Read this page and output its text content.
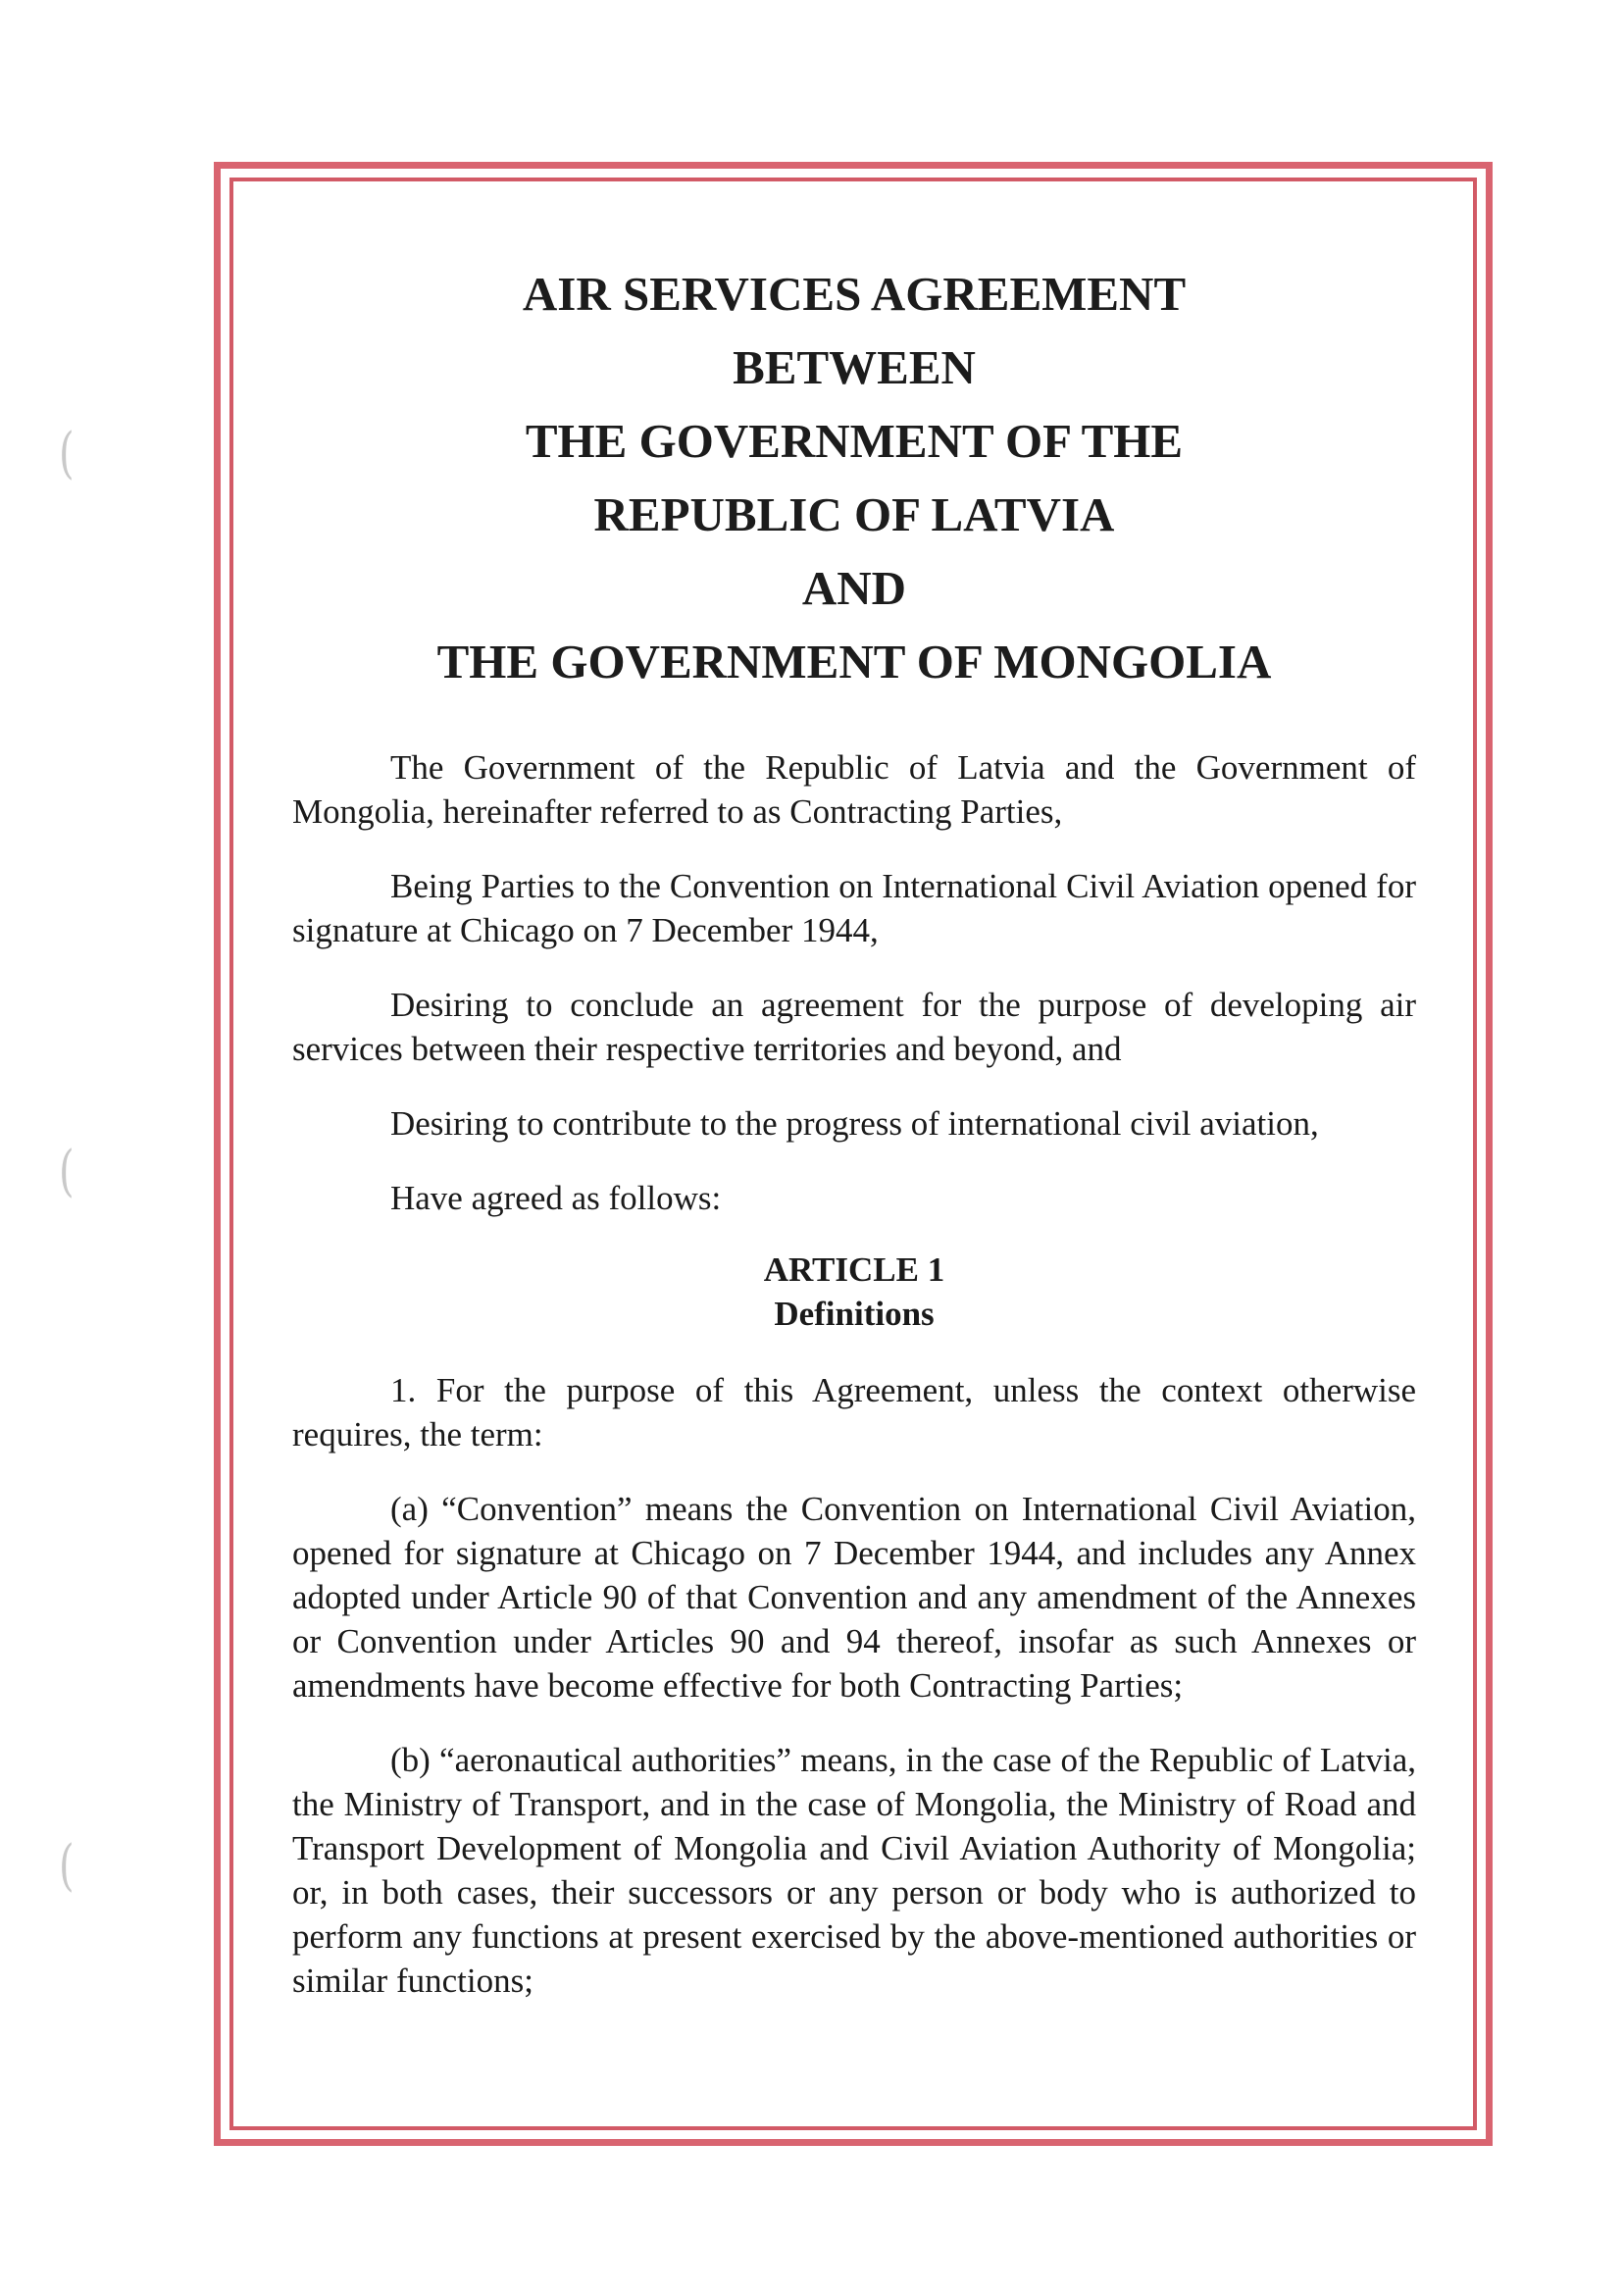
(
(
(
AIR SERVICES AGREEMENT
BETWEEN
THE GOVERNMENT OF THE
REPUBLIC OF LATVIA
AND
THE GOVERNMENT OF MONGOLIA

The Government of the Republic of Latvia and the Government of Mongolia, hereinafter referred to as Contracting Parties,

Being Parties to the Convention on International Civil Aviation opened for signature at Chicago on 7 December 1944,

Desiring to conclude an agreement for the purpose of developing air services between their respective territories and beyond, and

Desiring to contribute to the progress of international civil aviation,

Have agreed as follows:

ARTICLE 1
Definitions

1. For the purpose of this Agreement, unless the context otherwise requires, the term:

(a) “Convention” means the Convention on International Civil Aviation, opened for signature at Chicago on 7 December 1944, and includes any Annex adopted under Article 90 of that Convention and any amendment of the Annexes or Convention under Articles 90 and 94 thereof, insofar as such Annexes or amendments have become effective for both Contracting Parties;

(b) “aeronautical authorities” means, in the case of the Republic of Latvia, the Ministry of Transport, and in the case of Mongolia, the Ministry of Road and Transport Development of Mongolia and Civil Aviation Authority of Mongolia; or, in both cases, their successors or any person or body who is authorized to perform any functions at present exercised by the above-mentioned authorities or similar functions;
